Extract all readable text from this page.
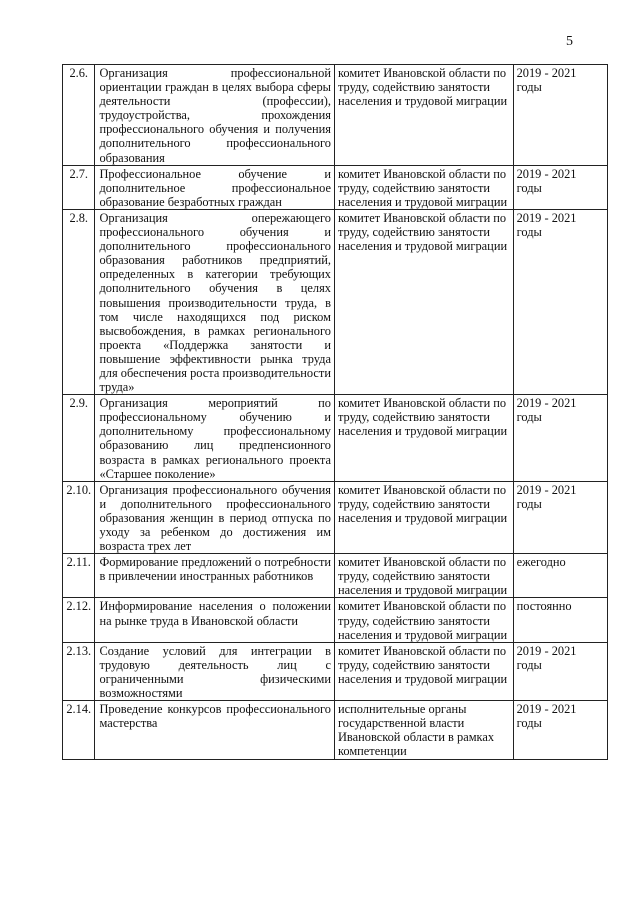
5
2.6.	Организация профессиональной ориентации граждан в целях выбора сферы деятельности (профессии), трудоустройства, прохождения профессионального обучения и получения дополнительного профессионального образования	комитет Ивановской области по труду, содействию занятости населения и трудовой миграции	2019 - 2021 годы
2.7.	Профессиональное обучение и дополнительное профессиональное образование безработных граждан	комитет Ивановской области по труду, содействию занятости населения и трудовой миграции	2019 - 2021 годы
2.8.	Организация опережающего профессионального обучения и дополнительного профессионального образования работников предприятий, определенных в категории требующих дополнительного обучения в целях повышения производительности труда, в том числе находящихся под риском высвобождения, в рамках регионального проекта «Поддержка занятости и повышение эффективности рынка труда для обеспечения роста производительности труда»	комитет Ивановской области по труду, содействию занятости населения и трудовой миграции	2019 - 2021 годы
2.9.	Организация мероприятий по профессиональному обучению и дополнительному профессиональному образованию лиц предпенсионного возраста в рамках регионального проекта «Старшее поколение»	комитет Ивановской области по труду, содействию занятости населения и трудовой миграции	2019 - 2021 годы
2.10.	Организация профессионального обучения и дополнительного профессионального образования женщин в период отпуска по уходу за ребенком до достижения им возраста трех лет	комитет Ивановской области по труду, содействию занятости населения и трудовой миграции	2019 - 2021 годы
2.11.	Формирование предложений о потребности в привлечении иностранных работников	комитет Ивановской области по труду, содействию занятости населения и трудовой миграции	ежегодно
2.12.	Информирование населения о положении на рынке труда в Ивановской области	комитет Ивановской области по труду, содействию занятости населения и трудовой миграции	постоянно
2.13.	Создание условий для интеграции в трудовую деятельность лиц с ограниченными физическими возможностями	комитет Ивановской области по труду, содействию занятости населения и трудовой миграции	2019 - 2021 годы
2.14.	Проведение конкурсов профессионального мастерства	исполнительные органы государственной власти Ивановской области в рамках компетенции	2019 - 2021 годы
